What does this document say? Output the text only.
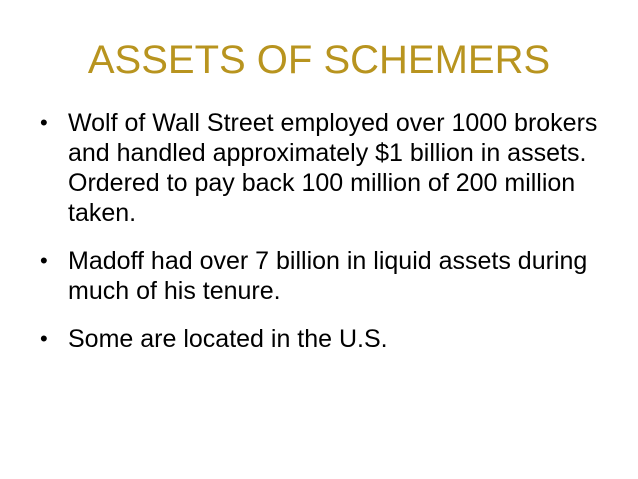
ASSETS OF SCHEMERS
• Wolf of Wall Street employed over 1000 brokers and handled approximately $1 billion in assets. Ordered to pay back 100 million of 200 million taken.
• Madoff had over 7 billion in liquid assets during much of his tenure.
• Some are located in the U.S.
